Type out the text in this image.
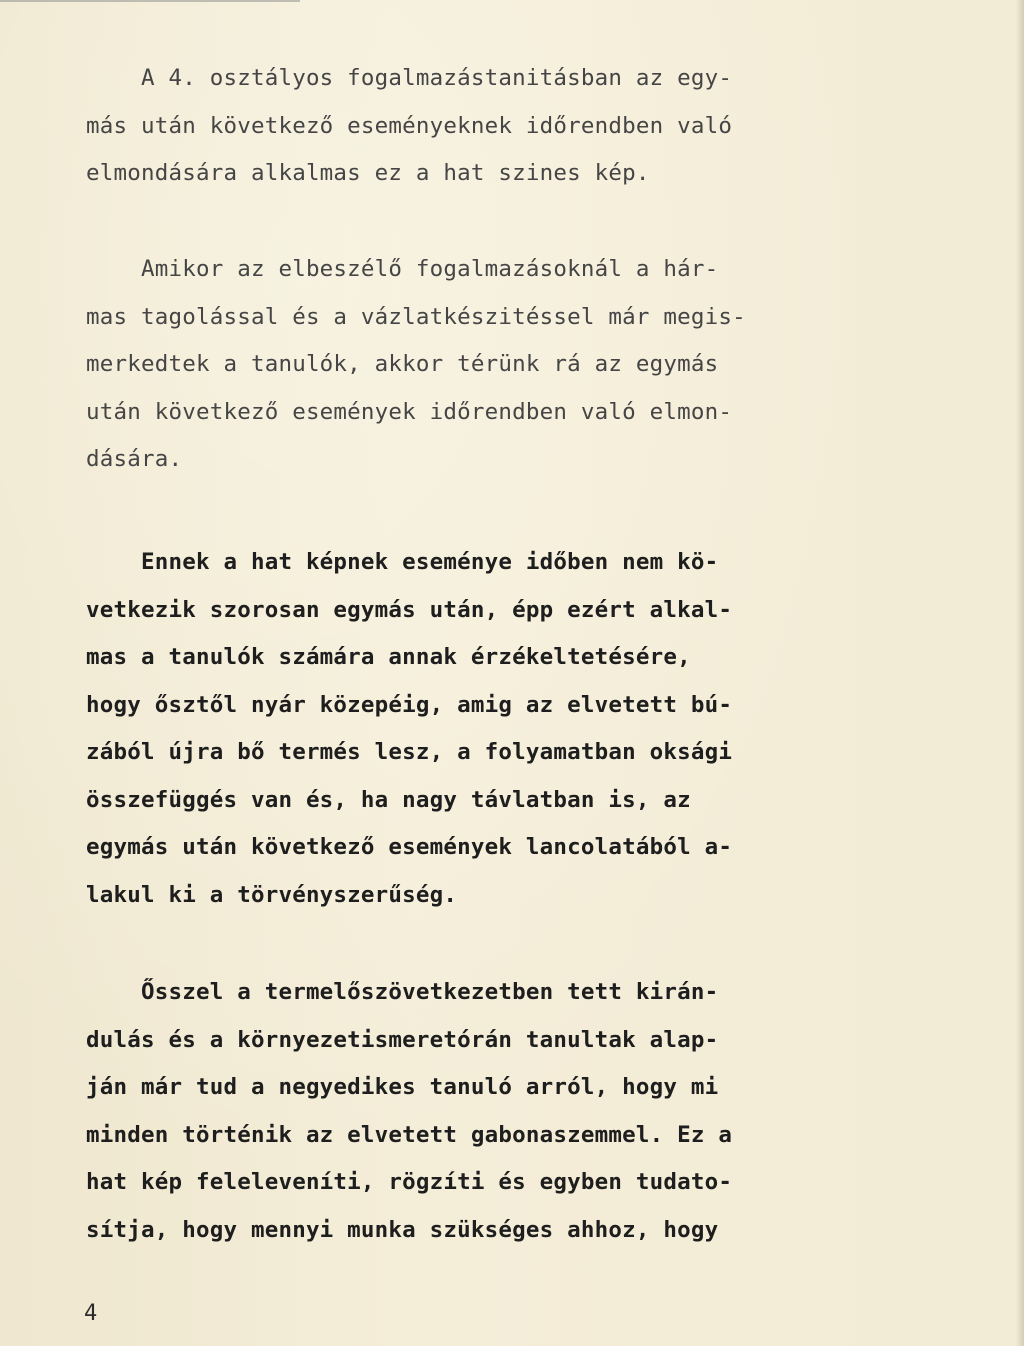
A 4. osztályos fogalmazástanitásban az egy-
más után következő eseményeknek időrendben való
elmondására alkalmas ez a hat szines kép.

Amikor az elbeszélő fogalmazásoknál a hár-
mas tagolással és a vázlatkészitéssel már megis-
merkedtek a tanulók, akkor térünk rá az egymás
után következő események időrendben való elmon-
dására.

Ennek a hat képnek eseménye időben nem kö-
vetkezik szorosan egymás után, épp ezért alkal-
mas a tanulók számára annak érzékeltetésére,
hogy ősztől nyár közepéig, amig az elvetett bú-
zából újra bő termés lesz, a folyamatban oksági
összefüggés van és, ha nagy távlatban is, az
egymás után következő események lancolatából a-
lakul ki a törvényszerűség.

Ősszel a termelőszövetkezetben tett kirán-
dulás és a környezetismeretórán tanultak alap-
ján már tud a negyedikes tanuló arról, hogy mi
minden történik az elvetett gabonaszemmel. Ez a
hat kép feleleveníti, rögzíti és egyben tudato-
sítja, hogy mennyi munka szükséges ahhoz, hogy

4
